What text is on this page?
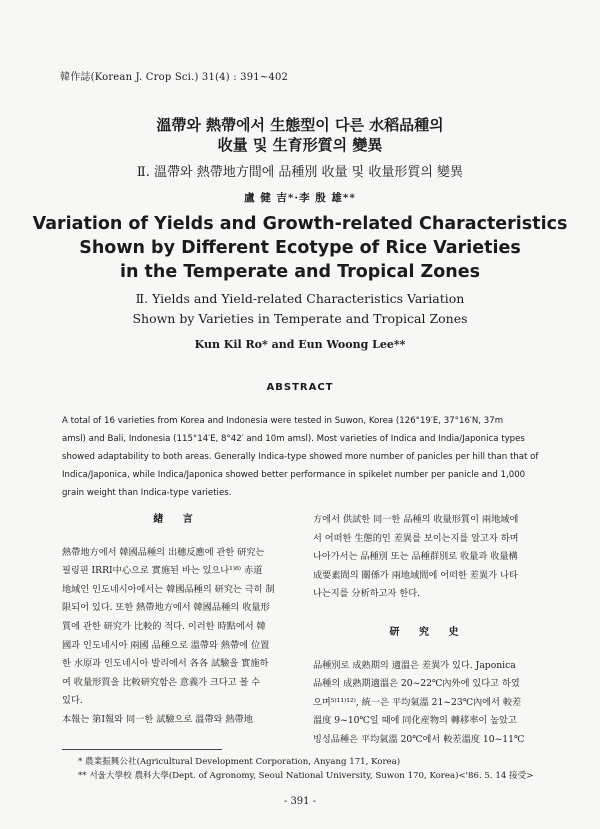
韓作誌(Korean J. Crop Sci.) 31(4) : 391~402
溫帶와 熱帶에서 生態型이 다른 水稻品種의
收量 및 生育形質의 變異
Ⅱ. 溫帶와 熱帶地方間에 品種別 收量 및 收量形質의 變異
盧 健 吉*·李 殷 雄**
Variation of Yields and Growth-related Characteristics
Shown by Different Ecotype of Rice Varieties
in the Temperate and Tropical Zones
Ⅱ. Yields and Yield-related Characteristics Variation
Shown by Varieties in Temperate and Tropical Zones
Kun Kil Ro* and Eun Woong Lee**
ABSTRACT
A total of 16 varieties from Korea and Indonesia were tested in Suwon, Korea (126°19′E, 37°16′N, 37m
amsl) and Bali, Indonesia (115°14′E, 8°42′ and 10m amsl). Most varieties of Indica and India/Japonica types
showed adaptability to both areas. Generally Indica-type showed more number of panicles per hill than that of
Indica/Japonica, while Indica/Japonica showed better performance in spikelet number per panicle and 1,000
grain weight than Indica-type varieties.
緖 言
熱帶地方에서 韓國品種의 出穗反應에 관한 研究는
필링핀 IRRI中心으로 實施된 바는 있으나¹⁾⁸⁾ 赤道
地域인 인도네시아에서는 韓國品種의 研究는 극히 制
限되어 있다. 또한 熱帶地方에서 韓國品種의 收量形
質에 관한 研究가 比較的 적다. 이러한 時點에서 韓
國과 인도네시아 兩國 品種으로 溫帶와 熱帶에 位置
한 水原과 인도네시아 발리에서 各各 試驗을 實施하
여 收量形質을 比較研究함은 意義가 크다고 볼 수
있다.
本報는 第Ⅰ報와 同一한 試驗으로 溫帶와 熱帶地
方에서 供試한 同一한 品種의 收量形質이 兩地域에
서 어떠한 生態的인 差異를 보이는지를 알고자 하며
나아가서는 品種別 또는 品種群別로 收量과 收量構
成要素間의 關係가 兩地域間에 어떠한 差異가 나타
나는지를 分析하고자 한다.
研 究 史
品種別로 成熟期의 適溫은 差異가 있다. Japonica
品種의 成熟期適溫은 20~22℃內外에 있다고 하였
으며⁵⁾¹¹⁾¹²⁾, 統一은 平均氣溫 21~23℃內에서 較差
溫度 9~10℃일 때에 同化産物의 轉移率이 높았고
빙성品種은 平均氣溫 20℃에서 較差溫度 10~11℃
* 農業振興公社(Agricultural Development Corporation, Anyang 171, Korea)
** 서울大學校 農科大學(Dept. of Agronomy, Seoul National University, Suwon 170, Korea)<'86. 5. 14 接受>
- 391 -
